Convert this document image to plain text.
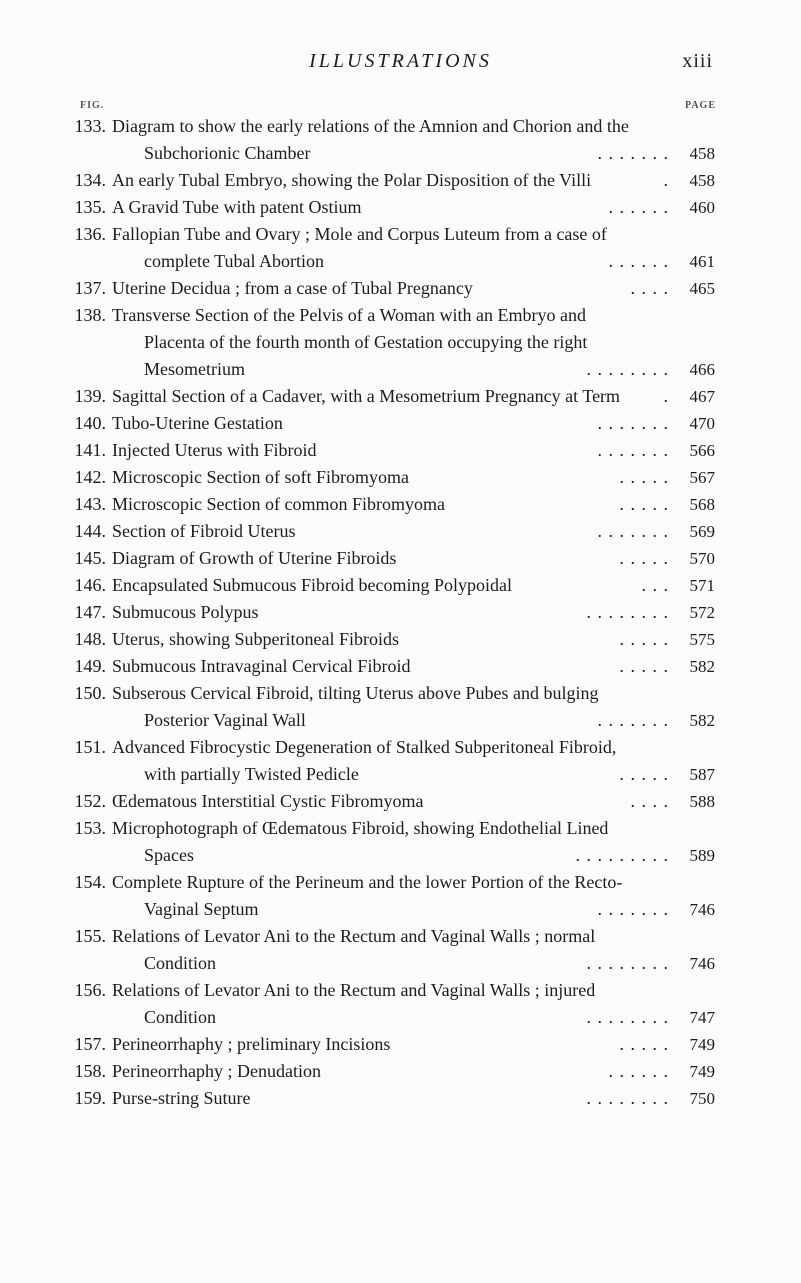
ILLUSTRATIONS	xiii
FIG.	PAGE
133. Diagram to show the early relations of the Amnion and Chorion and the
Subchorionic Chamber	. . . . . . . 458
134. An early Tubal Embryo, showing the Polar Disposition of the Villi	. 458
135. A Gravid Tube with patent Ostium	. . . . . . 460
136. Fallopian Tube and Ovary ; Mole and Corpus Luteum from a case of
complete Tubal Abortion	. . . . . . 461
137. Uterine Decidua ; from a case of Tubal Pregnancy	. . . . 465
138. Transverse Section of the Pelvis of a Woman with an Embryo and
Placenta of the fourth month of Gestation occupying the right
Mesometrium	. . . . . . . . 466
139. Sagittal Section of a Cadaver, with a Mesometrium Pregnancy at Term . 467
140. Tubo-Uterine Gestation	. . . . . . . 470
141. Injected Uterus with Fibroid	. . . . . . . 566
142. Microscopic Section of soft Fibromyoma	. . . . . 567
143. Microscopic Section of common Fibromyoma	. . . . . 568
144. Section of Fibroid Uterus	. . . . . . . 569
145. Diagram of Growth of Uterine Fibroids	. . . . . 570
146. Encapsulated Submucous Fibroid becoming Polypoidal	. . . 571
147. Submucous Polypus	. . . . . . . . 572
148. Uterus, showing Subperitoneal Fibroids	. . . . . 575
149. Submucous Intravaginal Cervical Fibroid	. . . . . 582
150. Subserous Cervical Fibroid, tilting Uterus above Pubes and bulging
Posterior Vaginal Wall	. . . . . . . 582
151. Advanced Fibrocystic Degeneration of Stalked Subperitoneal Fibroid,
with partially Twisted Pedicle	. . . . . 587
152. Œdematous Interstitial Cystic Fibromyoma	. . . . 588
153. Microphotograph of Œdematous Fibroid, showing Endothelial Lined
Spaces	. . . . . . . . . 589
154. Complete Rupture of the Perineum and the lower Portion of the Recto-
Vaginal Septum	. . . . . . . 746
155. Relations of Levator Ani to the Rectum and Vaginal Walls ; normal
Condition	. . . . . . . . 746
156. Relations of Levator Ani to the Rectum and Vaginal Walls ; injured
Condition	. . . . . . . . 747
157. Perineorrhaphy ; preliminary Incisions	. . . . . 749
158. Perineorrhaphy ; Denudation	. . . . . . 749
159. Purse-string Suture	. . . . . . . . 750
